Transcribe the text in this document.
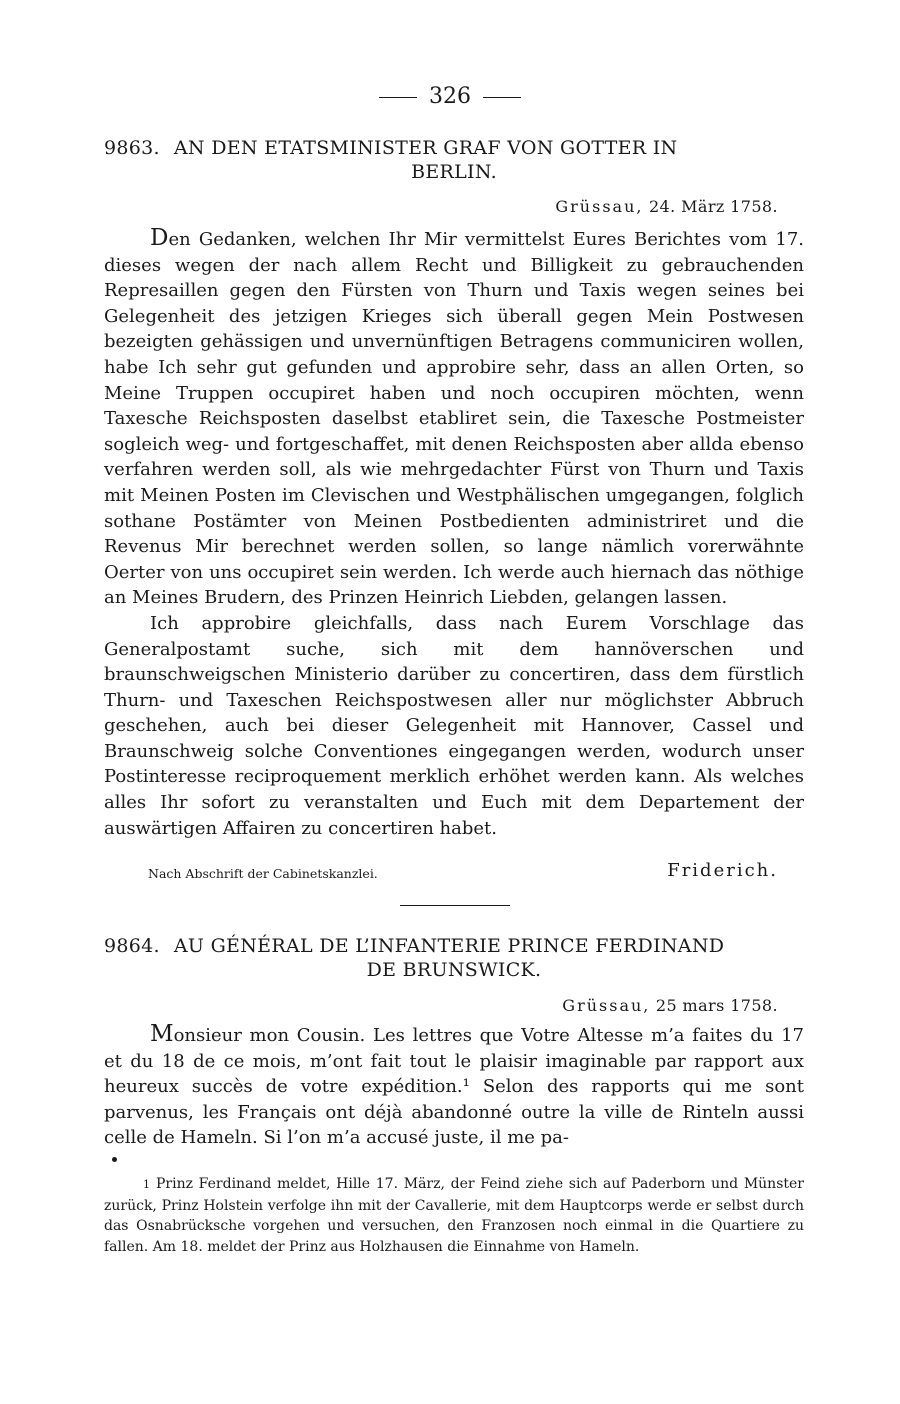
326
9863. AN DEN ETATSMINISTER GRAF VON GOTTER IN
BERLIN.
Grüssau, 24. März 1758.

Den Gedanken, welchen Ihr Mir vermittelst Eures Berichtes vom 17. dieses wegen der nach allem Recht und Billigkeit zu gebrauchenden Represaillen gegen den Fürsten von Thurn und Taxis wegen seines bei Gelegenheit des jetzigen Krieges sich überall gegen Mein Postwesen bezeigten gehässigen und unvernünftigen Betragens communiciren wollen, habe Ich sehr gut gefunden und approbire sehr, dass an allen Orten, so Meine Truppen occupiret haben und noch occupiren möchten, wenn Taxesche Reichsposten daselbst etabliret sein, die Taxesche Postmeister sogleich weg- und fortgeschaffet, mit denen Reichsposten aber allda ebenso verfahren werden soll, als wie mehrgedachter Fürst von Thurn und Taxis mit Meinen Posten im Clevischen und Westphälischen umgegangen, folglich sothane Postämter von Meinen Postbedienten administriret und die Revenus Mir berechnet werden sollen, so lange nämlich vorerwähnte Oerter von uns occupiret sein werden. Ich werde auch hiernach das nöthige an Meines Brudern, des Prinzen Heinrich Liebden, gelangen lassen.

Ich approbire gleichfalls, dass nach Eurem Vorschlage das Generalpostamt suche, sich mit dem hannöverschen und braunschweigschen Ministerio darüber zu concertiren, dass dem fürstlich Thurn- und Taxeschen Reichspostwesen aller nur möglichster Abbruch geschehen, auch bei dieser Gelegenheit mit Hannover, Cassel und Braunschweig solche Conventiones eingegangen werden, wodurch unser Postinteresse reciproquement merklich erhöhet werden kann. Als welches alles Ihr sofort zu veranstalten und Euch mit dem Departement der auswärtigen Affairen zu concertiren habet.

Nach Abschrift der Cabinetskanzlei.	Friderich.
9864. AU GÉNÉRAL DE L’INFANTERIE PRINCE FERDINAND
DE BRUNSWICK.
Grüssau, 25 mars 1758.

Monsieur mon Cousin. Les lettres que Votre Altesse m’a faites du 17 et du 18 de ce mois, m’ont fait tout le plaisir imaginable par rapport aux heureux succès de votre expédition.¹ Selon des rapports qui me sont parvenus, les Français ont déjà abandonné outre la ville de Rinteln aussi celle de Hameln. Si l’on m’a accusé juste, il me pa-

1 Prinz Ferdinand meldet, Hille 17. März, der Feind ziehe sich auf Paderborn und Münster zurück, Prinz Holstein verfolge ihn mit der Cavallerie, mit dem Hauptcorps werde er selbst durch das Osnabrücksche vorgehen und versuchen, den Franzosen noch einmal in die Quartiere zu fallen. Am 18. meldet der Prinz aus Holzhausen die Einnahme von Hameln.
